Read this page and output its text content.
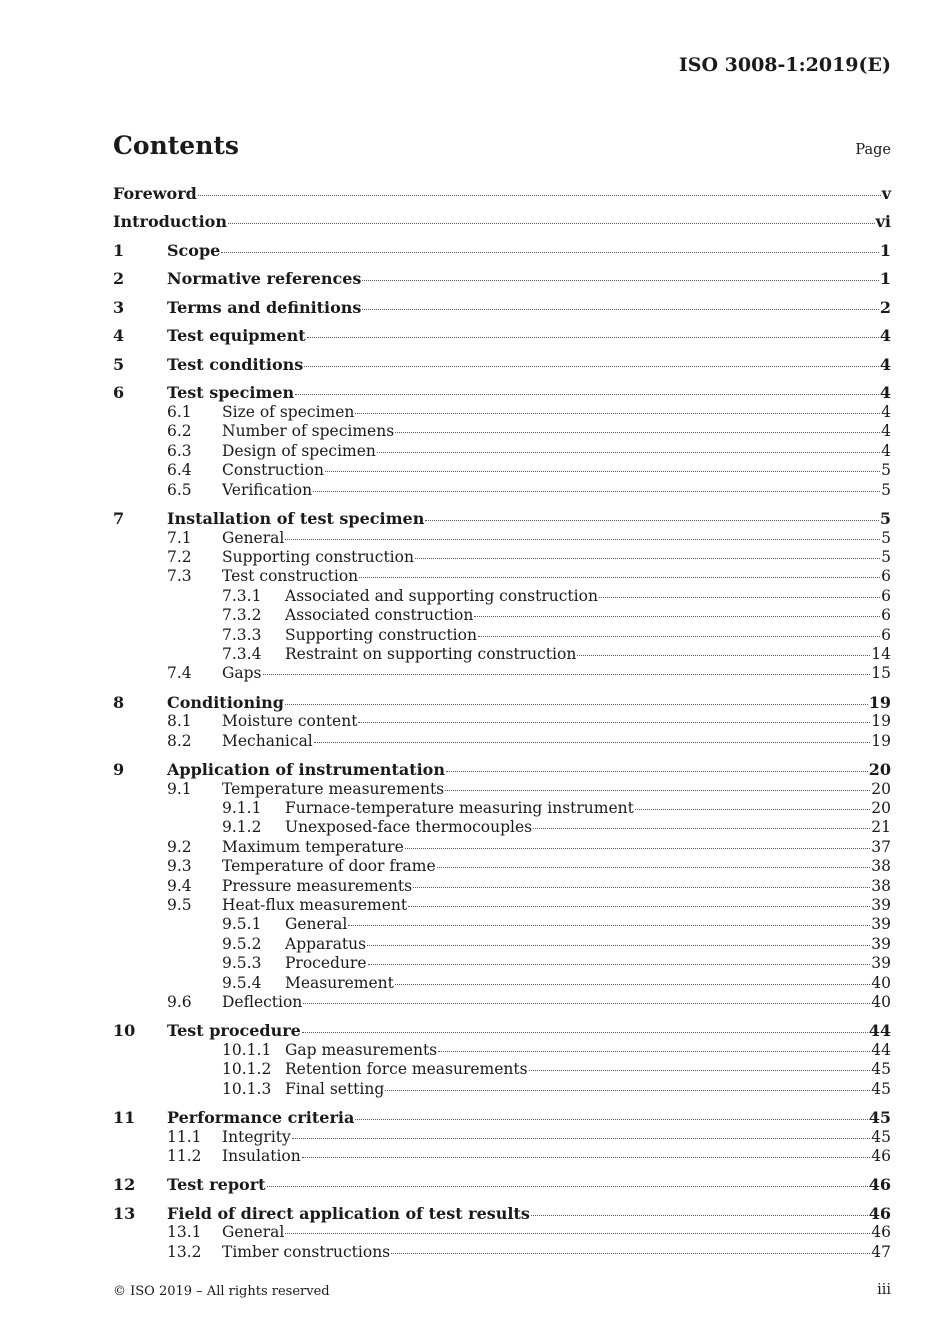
ISO 3008-1:2019(E)
Contents	Page
Foreword	v
Introduction	vi
1	Scope	1
2	Normative references	1
3	Terms and definitions	2
4	Test equipment	4
5	Test conditions	4
6	Test specimen	4
6.1	Size of specimen	4
6.2	Number of specimens	4
6.3	Design of specimen	4
6.4	Construction	5
6.5	Verification	5
7	Installation of test specimen	5
7.1	General	5
7.2	Supporting construction	5
7.3	Test construction	6
7.3.1	Associated and supporting construction	6
7.3.2	Associated construction	6
7.3.3	Supporting construction	6
7.3.4	Restraint on supporting construction	14
7.4	Gaps	15
8	Conditioning	19
8.1	Moisture content	19
8.2	Mechanical	19
9	Application of instrumentation	20
9.1	Temperature measurements	20
9.1.1	Furnace-temperature measuring instrument	20
9.1.2	Unexposed-face thermocouples	21
9.2	Maximum temperature	37
9.3	Temperature of door frame	38
9.4	Pressure measurements	38
9.5	Heat-flux measurement	39
9.5.1	General	39
9.5.2	Apparatus	39
9.5.3	Procedure	39
9.5.4	Measurement	40
9.6	Deflection	40
10	Test procedure	44
10.1.1 Gap measurements	44
10.1.2 Retention force measurements	45
10.1.3 Final setting	45
11	Performance criteria	45
11.1	Integrity	45
11.2	Insulation	46
12	Test report	46
13	Field of direct application of test results	46
13.1	General	46
13.2	Timber constructions	47
© ISO 2019 – All rights reserved	iii
